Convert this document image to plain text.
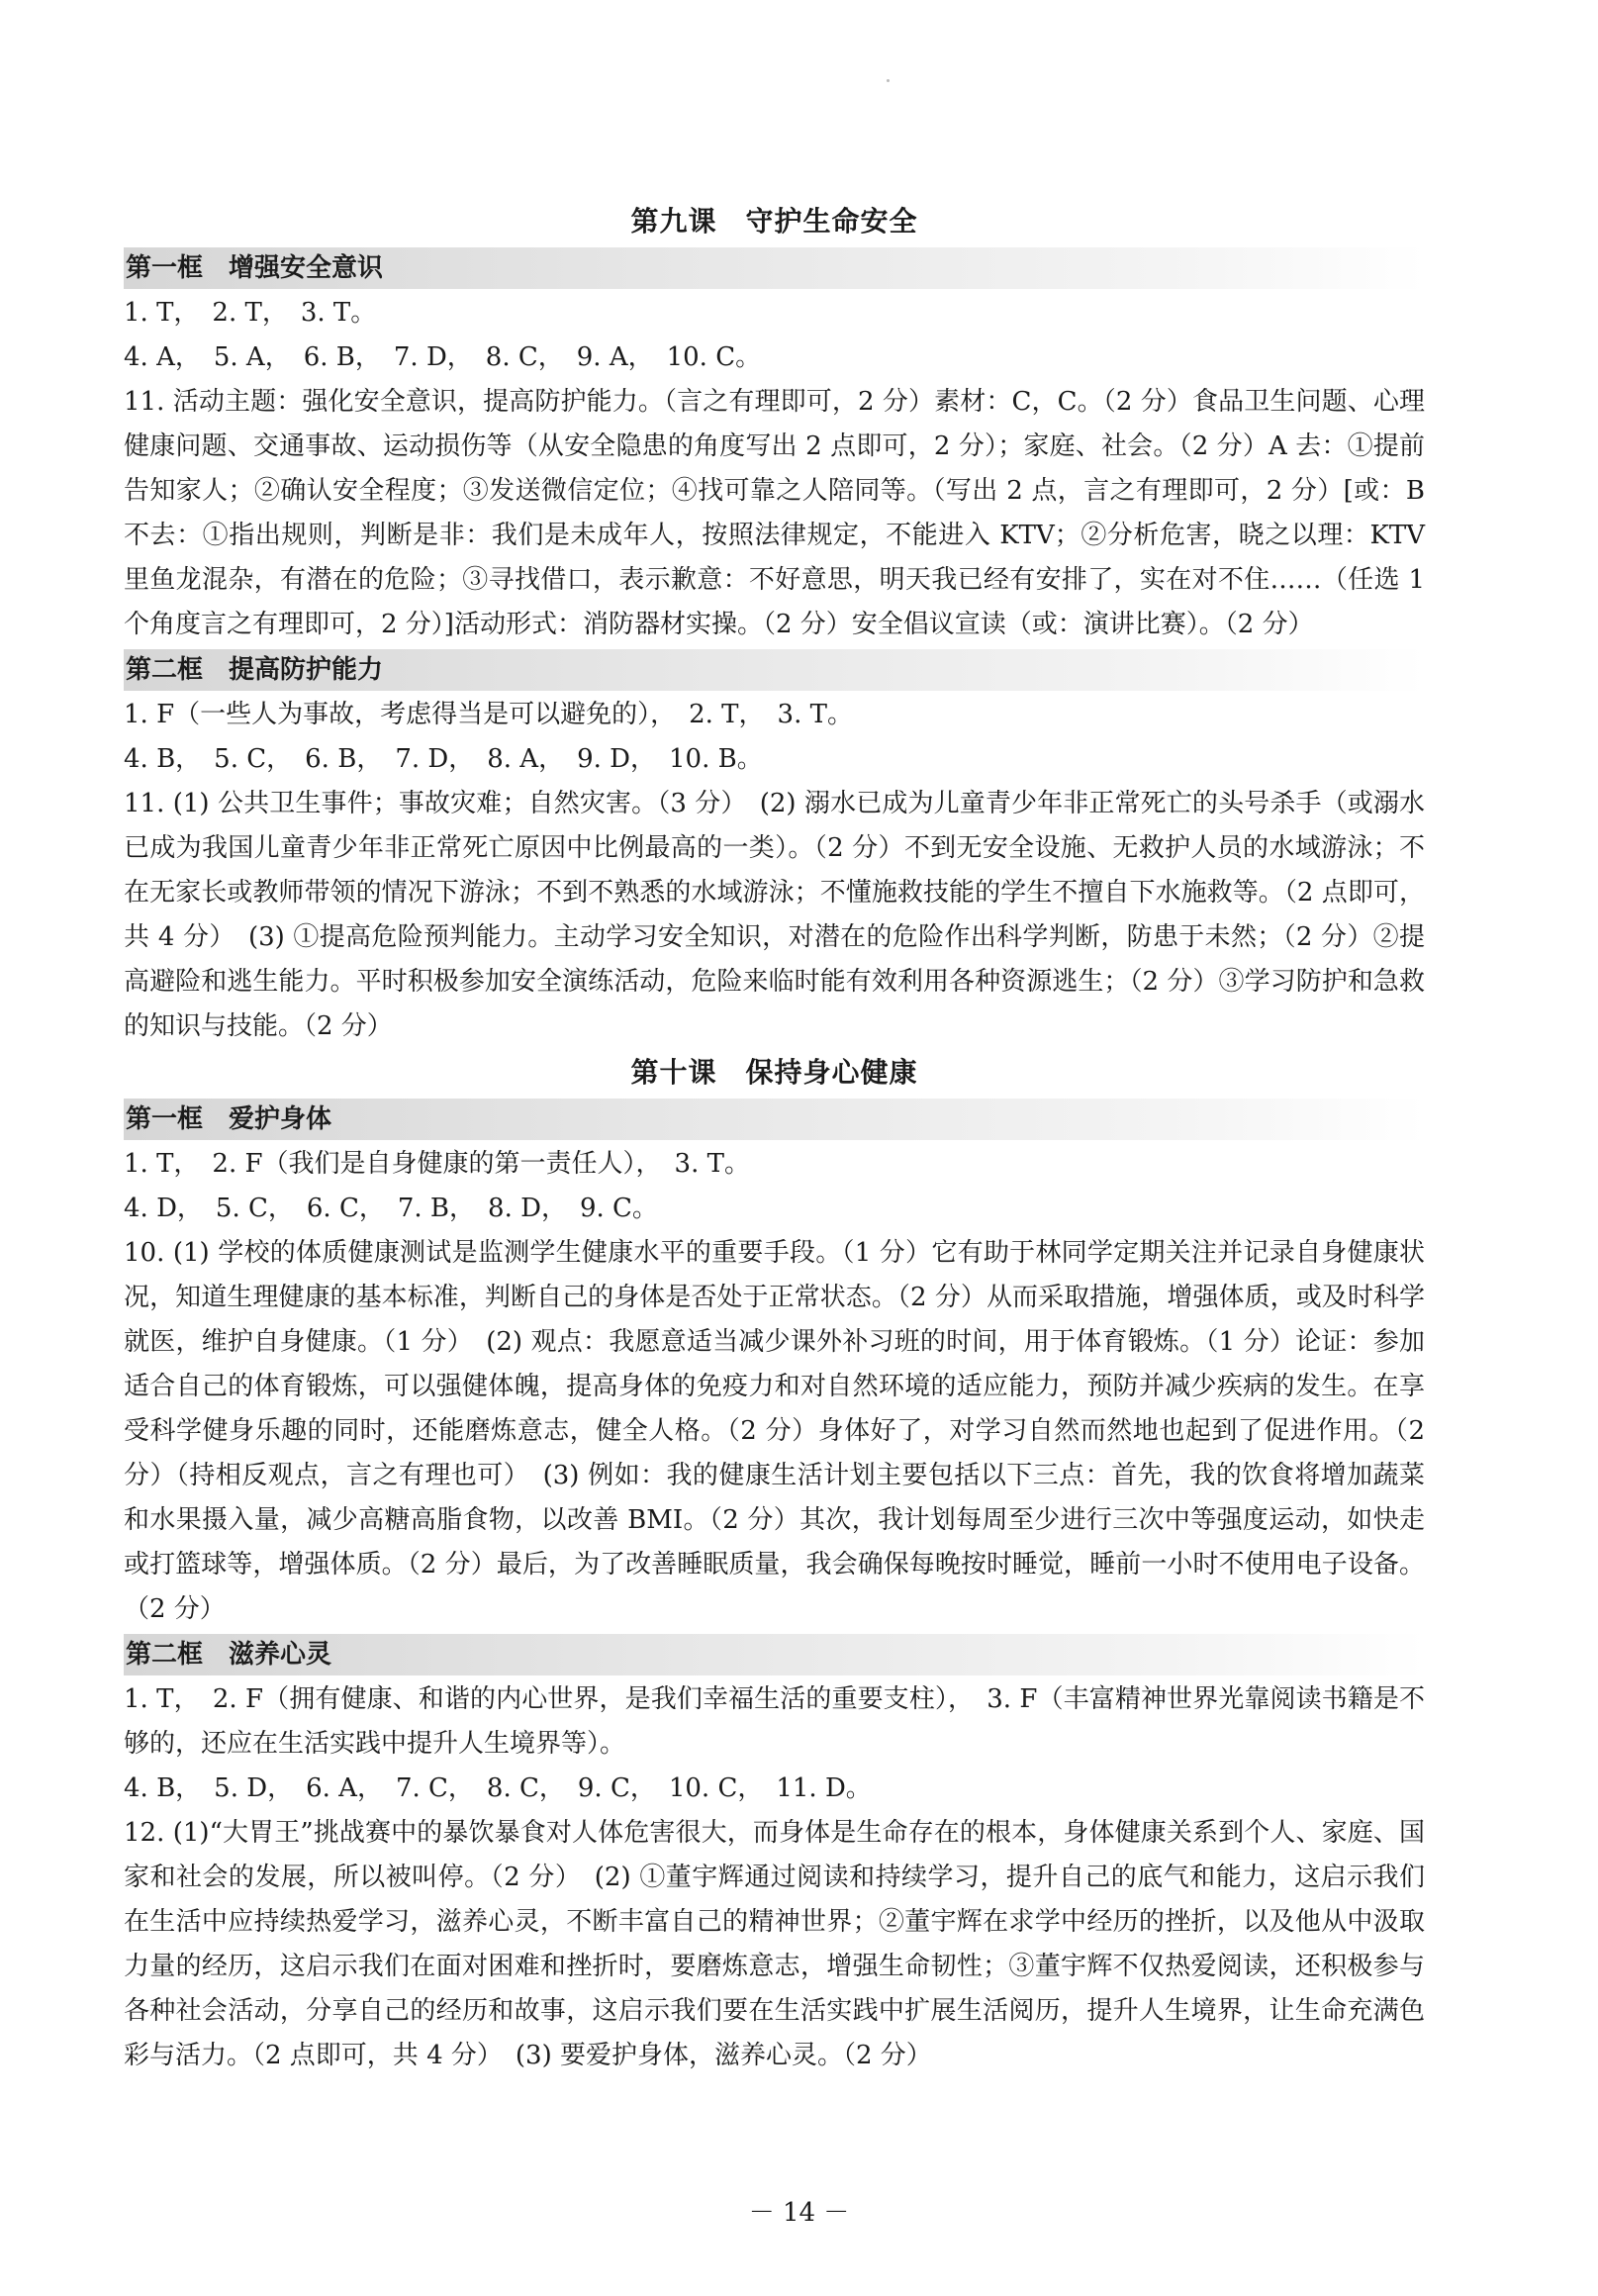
第九课　守护生命安全
第一框　增强安全意识
1. T，　2. T，　3. T。
4. A，　5. A，　6. B，　7. D，　8. C，　9. A，　10. C。
11. 活动主题：强化安全意识，提高防护能力。（言之有理即可，2 分）素材：C，C。（2 分）食品卫生问题、心理健康问题、交通事故、运动损伤等（从安全隐患的角度写出 2 点即可，2 分）；家庭、社会。（2 分）A 去：①提前告知家人；②确认安全程度；③发送微信定位；④找可靠之人陪同等。（写出 2 点，言之有理即可，2 分）[或：B 不去：①指出规则，判断是非：我们是未成年人，按照法律规定，不能进入 KTV；②分析危害，晓之以理：KTV 里鱼龙混杂，有潜在的危险；③寻找借口，表示歉意：不好意思，明天我已经有安排了，实在对不住……（任选 1 个角度言之有理即可，2 分）]活动形式：消防器材实操。（2 分）安全倡议宣读（或：演讲比赛）。（2 分）
第二框　提高防护能力
1. F（一些人为事故，考虑得当是可以避免的），　2. T，　3. T。
4. B，　5. C，　6. B，　7. D，　8. A，　9. D，　10. B。
11. (1) 公共卫生事件；事故灾难；自然灾害。（3 分）　(2) 溺水已成为儿童青少年非正常死亡的头号杀手（或溺水已成为我国儿童青少年非正常死亡原因中比例最高的一类）。（2 分）不到无安全设施、无救护人员的水域游泳；不在无家长或教师带领的情况下游泳；不到不熟悉的水域游泳；不懂施救技能的学生不擅自下水施救等。（2 点即可，共 4 分）　(3) ①提高危险预判能力。主动学习安全知识，对潜在的危险作出科学判断，防患于未然；（2 分）②提高避险和逃生能力。平时积极参加安全演练活动，危险来临时能有效利用各种资源逃生；（2 分）③学习防护和急救的知识与技能。（2 分）
第十课　保持身心健康
第一框　爱护身体
1. T，　2. F（我们是自身健康的第一责任人），　3. T。
4. D，　5. C，　6. C，　7. B，　8. D，　9. C。
10. (1) 学校的体质健康测试是监测学生健康水平的重要手段。（1 分）它有助于林同学定期关注并记录自身健康状况，知道生理健康的基本标准，判断自己的身体是否处于正常状态。（2 分）从而采取措施，增强体质，或及时科学就医，维护自身健康。（1 分）　(2) 观点：我愿意适当减少课外补习班的时间，用于体育锻炼。（1 分）论证：参加适合自己的体育锻炼，可以强健体魄，提高身体的免疫力和对自然环境的适应能力，预防并减少疾病的发生。在享受科学健身乐趣的同时，还能磨炼意志，健全人格。（2 分）身体好了，对学习自然而然地也起到了促进作用。（2 分）（持相反观点，言之有理也可）　(3) 例如：我的健康生活计划主要包括以下三点：首先，我的饮食将增加蔬菜和水果摄入量，减少高糖高脂食物，以改善 BMI。（2 分）其次，我计划每周至少进行三次中等强度运动，如快走或打篮球等，增强体质。（2 分）最后，为了改善睡眠质量，我会确保每晚按时睡觉，睡前一小时不使用电子设备。（2 分）
第二框　滋养心灵
1. T，　2. F（拥有健康、和谐的内心世界，是我们幸福生活的重要支柱），　3. F（丰富精神世界光靠阅读书籍是不够的，还应在生活实践中提升人生境界等）。
4. B，　5. D，　6. A，　7. C，　8. C，　9. C，　10. C，　11. D。
12. (1)“大胃王”挑战赛中的暴饮暴食对人体危害很大，而身体是生命存在的根本，身体健康关系到个人、家庭、国家和社会的发展，所以被叫停。（2 分）　(2) ①董宇辉通过阅读和持续学习，提升自己的底气和能力，这启示我们在生活中应持续热爱学习，滋养心灵，不断丰富自己的精神世界；②董宇辉在求学中经历的挫折，以及他从中汲取力量的经历，这启示我们在面对困难和挫折时，要磨炼意志，增强生命韧性；③董宇辉不仅热爱阅读，还积极参与各种社会活动，分享自己的经历和故事，这启示我们要在生活实践中扩展生活阅历，提升人生境界，让生命充满色彩与活力。（2 点即可，共 4 分）　(3) 要爱护身体，滋养心灵。（2 分）
－ 14 －
